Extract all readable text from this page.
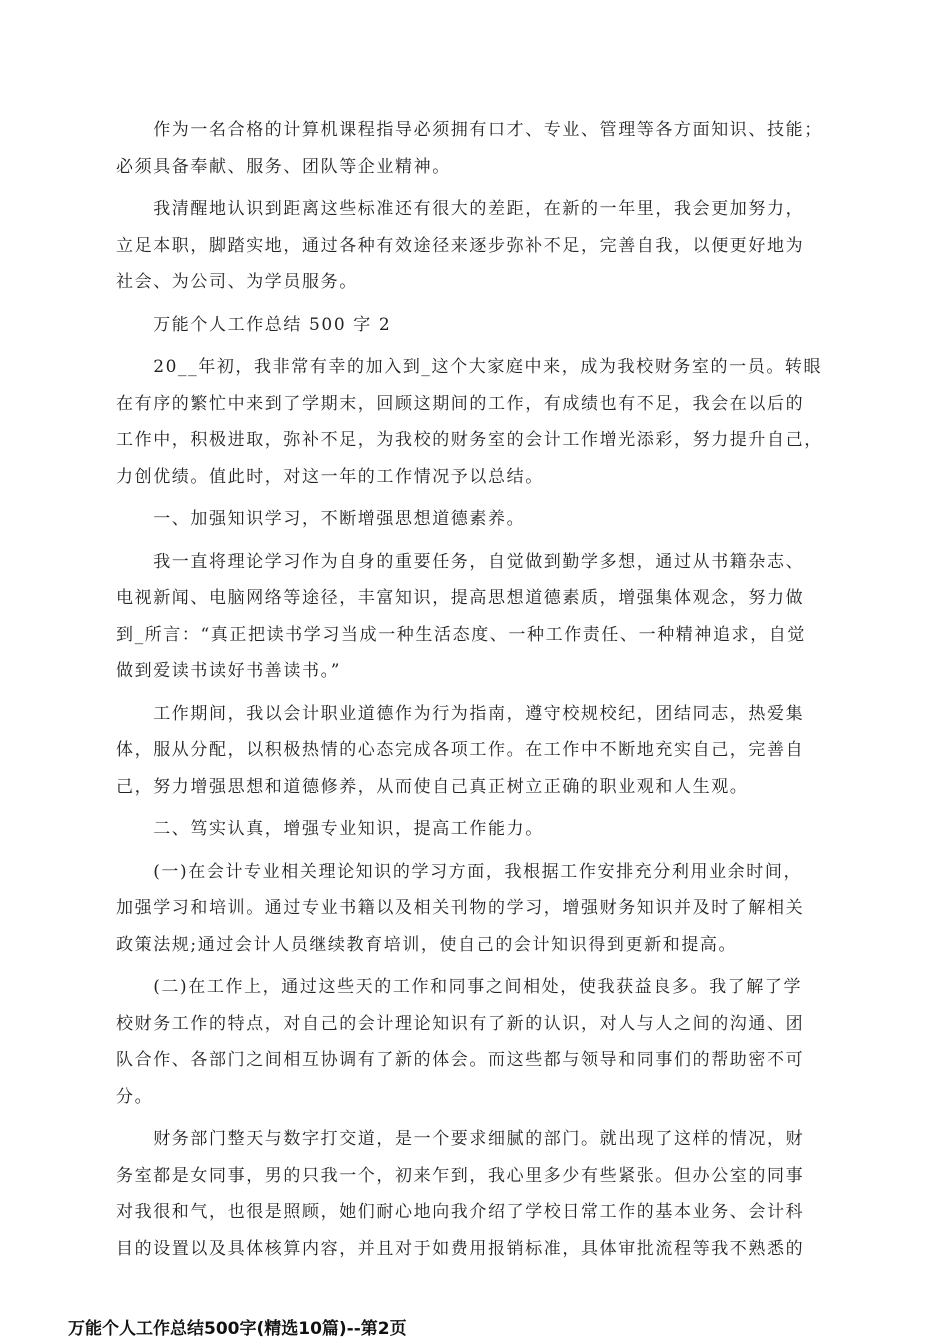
　　作为一名合格的计算机课程指导必须拥有口才、专业、管理等各方面知识、技能；
必须具备奉献、服务、团队等企业精神。

　　我清醒地认识到距离这些标准还有很大的差距，在新的一年里，我会更加努力，
立足本职，脚踏实地，通过各种有效途径来逐步弥补不足，完善自我，以便更好地为
社会、为公司、为学员服务。

　　万能个人工作总结 500 字 2

　　20__年初，我非常有幸的加入到_这个大家庭中来，成为我校财务室的一员。转眼
在有序的繁忙中来到了学期末，回顾这期间的工作，有成绩也有不足，我会在以后的
工作中，积极进取，弥补不足，为我校的财务室的会计工作增光添彩，努力提升自己，
力创优绩。值此时，对这一年的工作情况予以总结。

　　一、加强知识学习，不断增强思想道德素养。

　　我一直将理论学习作为自身的重要任务，自觉做到勤学多想，通过从书籍杂志、
电视新闻、电脑网络等途径，丰富知识，提高思想道德素质，增强集体观念，努力做
到_所言：“真正把读书学习当成一种生活态度、一种工作责任、一种精神追求，自觉
做到爱读书读好书善读书。”

　　工作期间，我以会计职业道德作为行为指南，遵守校规校纪，团结同志，热爱集
体，服从分配，以积极热情的心态完成各项工作。在工作中不断地充实自己，完善自
己，努力增强思想和道德修养，从而使自己真正树立正确的职业观和人生观。

　　二、笃实认真，增强专业知识，提高工作能力。

　　(一)在会计专业相关理论知识的学习方面，我根据工作安排充分利用业余时间，
加强学习和培训。通过专业书籍以及相关刊物的学习，增强财务知识并及时了解相关
政策法规;通过会计人员继续教育培训，使自己的会计知识得到更新和提高。

　　(二)在工作上，通过这些天的工作和同事之间相处，使我获益良多。我了解了学
校财务工作的特点，对自己的会计理论知识有了新的认识，对人与人之间的沟通、团
队合作、各部门之间相互协调有了新的体会。而这些都与领导和同事们的帮助密不可
分。

　　财务部门整天与数字打交道，是一个要求细腻的部门。就出现了这样的情况，财
务室都是女同事，男的只我一个，初来乍到，我心里多少有些紧张。但办公室的同事
对我很和气，也很是照顾，她们耐心地向我介绍了学校日常工作的基本业务、会计科
目的设置以及具体核算内容，并且对于如费用报销标准，具体审批流程等我不熟悉的

万能个人工作总结500字(精选10篇)--第2页
